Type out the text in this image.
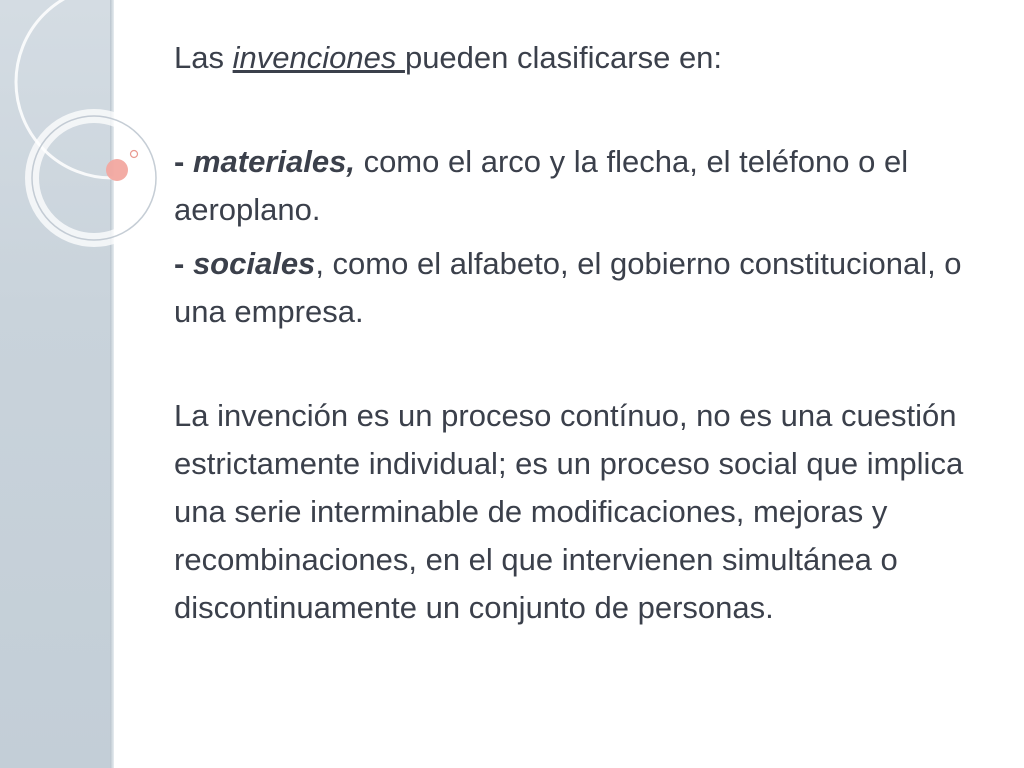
Las invenciones pueden clasificarse en:

- materiales, como el arco y la flecha, el teléfono o el aeroplano.

- sociales, como el alfabeto, el gobierno constitucional, o una empresa.

La invención es un proceso contínuo, no es una cuestión estrictamente individual; es un proceso social que implica una serie interminable de modificaciones, mejoras y recombinaciones, en el que intervienen simultánea o discontinuamente un conjunto de personas.
